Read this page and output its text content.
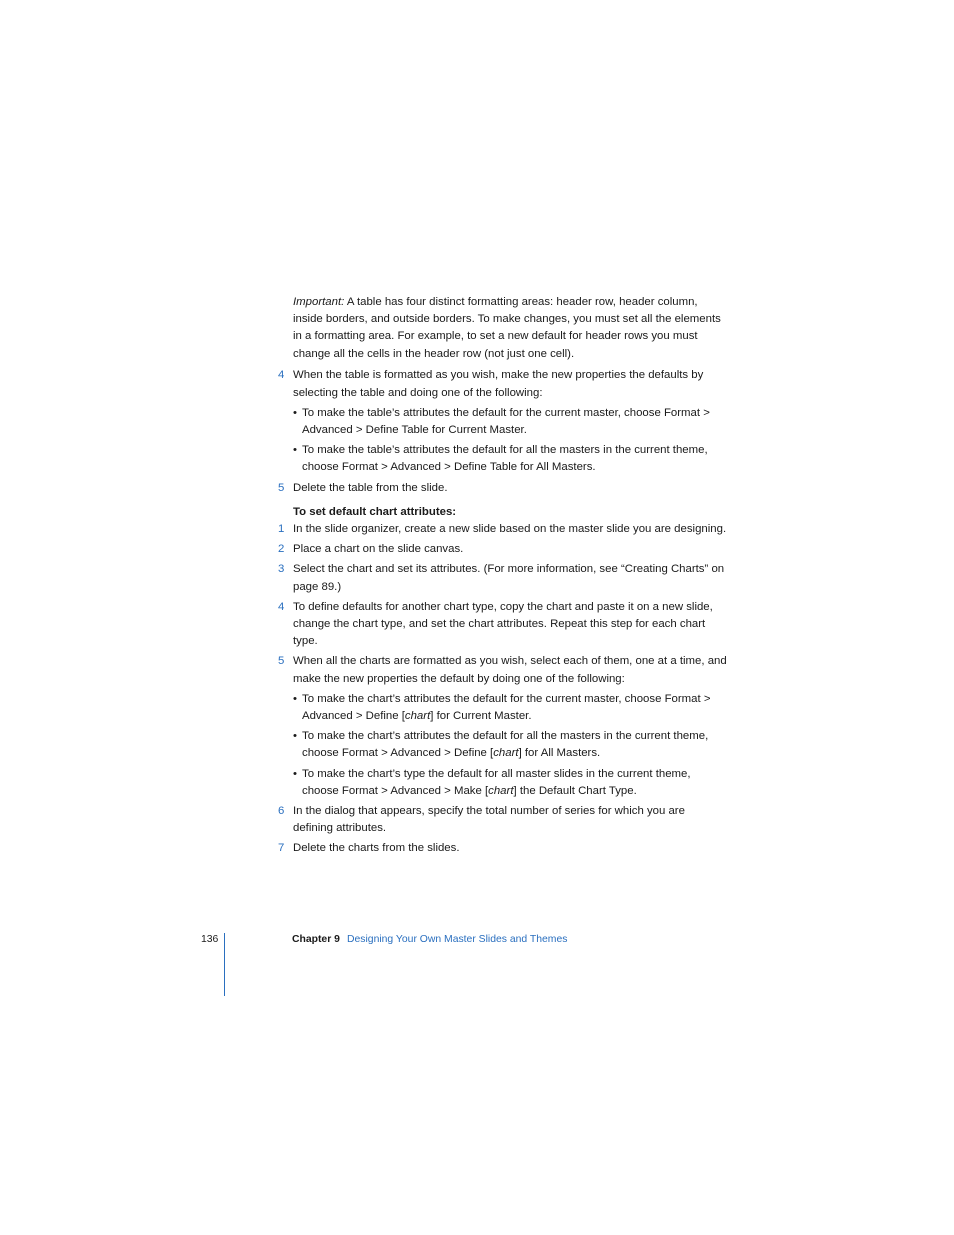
Important: A table has four distinct formatting areas: header row, header column,
inside borders, and outside borders. To make changes, you must set all the elements
in a formatting area. For example, to set a new default for header rows you must
change all the cells in the header row (not just one cell).
4 When the table is formatted as you wish, make the new properties the defaults by
selecting the table and doing one of the following:
• To make the table’s attributes the default for the current master, choose Format >
Advanced > Define Table for Current Master.
• To make the table’s attributes the default for all the masters in the current theme,
choose Format > Advanced > Define Table for All Masters.
5 Delete the table from the slide.
To set default chart attributes:
1 In the slide organizer, create a new slide based on the master slide you are designing.
2 Place a chart on the slide canvas.
3 Select the chart and set its attributes. (For more information, see “Creating Charts” on
page 89.)
4 To define defaults for another chart type, copy the chart and paste it on a new slide,
change the chart type, and set the chart attributes. Repeat this step for each chart
type.
5 When all the charts are formatted as you wish, select each of them, one at a time, and
make the new properties the default by doing one of the following:
• To make the chart’s attributes the default for the current master, choose Format >
Advanced > Define [chart] for Current Master.
• To make the chart’s attributes the default for all the masters in the current theme,
choose Format > Advanced > Define [chart] for All Masters.
• To make the chart’s type the default for all master slides in the current theme,
choose Format > Advanced > Make [chart] the Default Chart Type.
6 In the dialog that appears, specify the total number of series for which you are
defining attributes.
7 Delete the charts from the slides.
136	Chapter 9 Designing Your Own Master Slides and Themes
